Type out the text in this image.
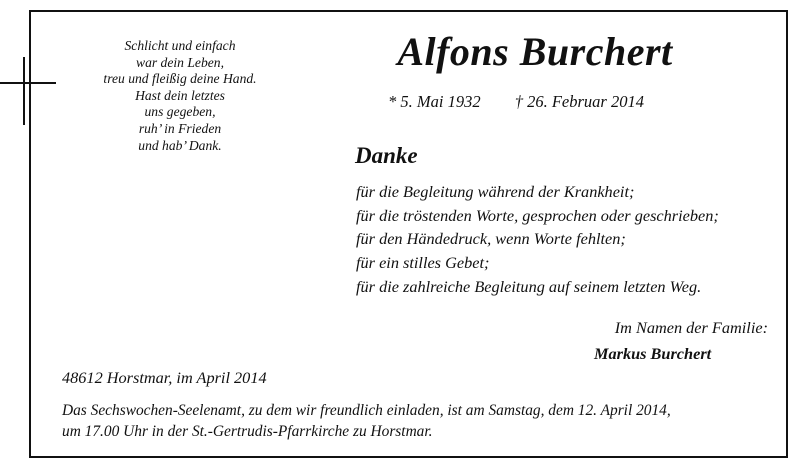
Schlicht und einfach
war dein Leben,
treu und fleißig deine Hand.
Hast dein letztes
uns gegeben,
ruh’ in Frieden
und hab’ Dank.
Alfons Burchert
* 5. Mai 1932 † 26. Februar 2014
Danke
für die Begleitung während der Krankheit;
für die tröstenden Worte, gesprochen oder geschrieben;
für den Händedruck, wenn Worte fehlten;
für ein stilles Gebet;
für die zahlreiche Begleitung auf seinem letzten Weg.
Im Namen der Familie:
Markus Burchert
48612 Horstmar, im April 2014
Das Sechswochen-Seelenamt, zu dem wir freundlich einladen, ist am Samstag, dem 12. April 2014,
um 17.00 Uhr in der St.-Gertrudis-Pfarrkirche zu Horstmar.
